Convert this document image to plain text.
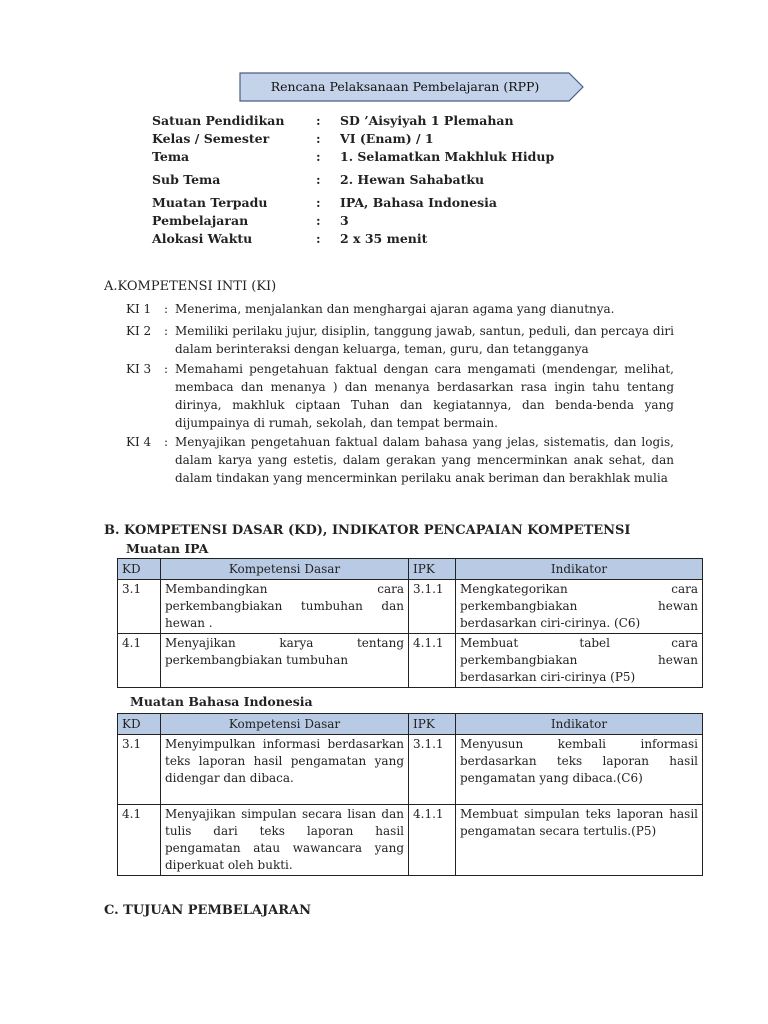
Rencana Pelaksanaan Pembelajaran (RPP)
Satuan Pendidikan	: SD ’Aisyiyah 1 Plemahan
Kelas / Semester	: VI (Enam) / 1
Tema	: 1. Selamatkan Makhluk Hidup
Sub Tema	: 2. Hewan Sahabatku
Muatan Terpadu	: IPA, Bahasa Indonesia
Pembelajaran	: 3
Alokasi Waktu	: 2 x 35 menit
A.KOMPETENSI INTI (KI)
KI 1 : Menerima, menjalankan dan menghargai ajaran agama yang dianutnya.
KI 2 : Memiliki perilaku jujur, disiplin, tanggung jawab, santun, peduli, dan percaya diri dalam berinteraksi dengan keluarga, teman, guru, dan tetangganya
KI 3 : Memahami pengetahuan faktual dengan cara mengamati (mendengar, melihat, membaca dan menanya ) dan menanya berdasarkan rasa ingin tahu tentang dirinya, makhluk ciptaan Tuhan dan kegiatannya, dan benda-benda yang dijumpainya di rumah, sekolah, dan tempat bermain.
KI 4 : Menyajikan pengetahuan faktual dalam bahasa yang jelas, sistematis, dan logis, dalam karya yang estetis, dalam gerakan yang mencerminkan anak sehat, dan dalam tindakan yang mencerminkan perilaku anak beriman dan berakhlak mulia
B. KOMPETENSI DASAR (KD), INDIKATOR PENCAPAIAN KOMPETENSI
Muatan IPA
KD	Kompetensi Dasar	IPK	Indikator
3.1	Membandingkan cara perkembangbiakan tumbuhan dan hewan .	3.1.1	Mengkategorikan cara perkembangbiakan hewan berdasarkan ciri-cirinya. (C6)
4.1	Menyajikan karya tentang perkembangbiakan tumbuhan	4.1.1	Membuat tabel cara perkembangbiakan hewan berdasarkan ciri-cirinya (P5)
Muatan Bahasa Indonesia
KD	Kompetensi Dasar	IPK	Indikator
3.1	Menyimpulkan informasi berdasarkan teks laporan hasil pengamatan yang didengar dan dibaca.	3.1.1	Menyusun kembali informasi berdasarkan teks laporan hasil pengamatan yang dibaca.(C6)
4.1	Menyajikan simpulan secara lisan dan tulis dari teks laporan hasil pengamatan atau wawancara yang diperkuat oleh bukti.	4.1.1	Membuat simpulan teks laporan hasil pengamatan secara tertulis.(P5)
C. TUJUAN PEMBELAJARAN
